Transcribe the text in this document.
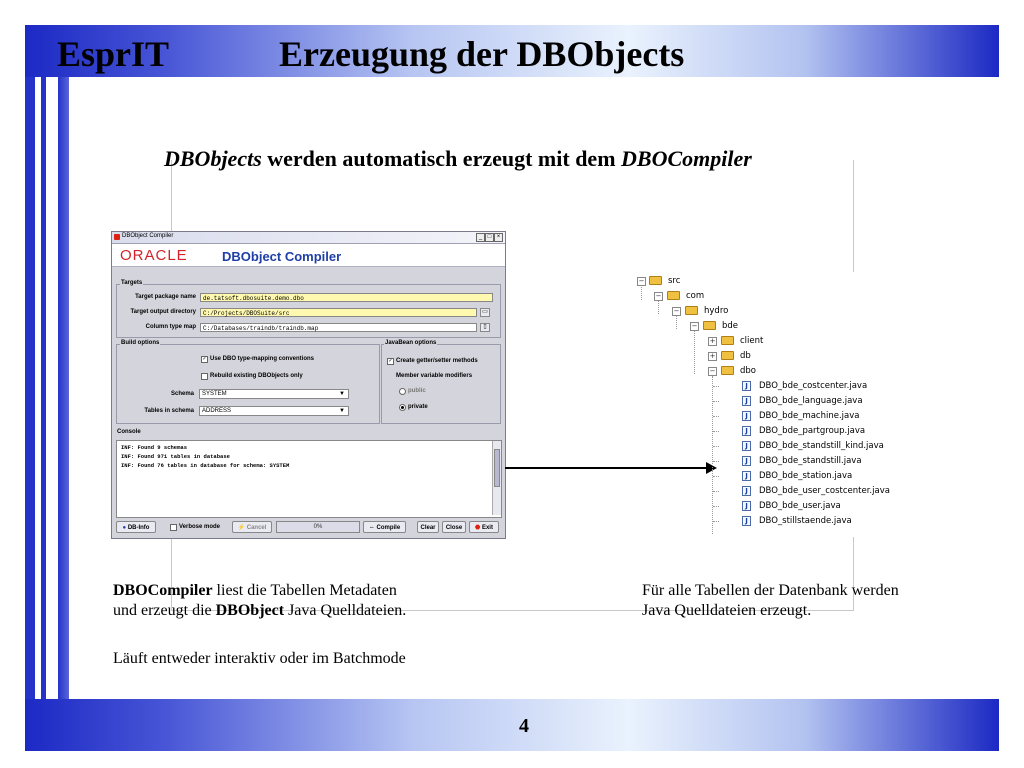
EsprIT	Erzeugung der DBObjects
DBObjects werden automatisch erzeugt mit dem DBOCompiler
DBObject Compiler	_ □ ×
ORACLE	DBObject Compiler
Targets
Target package name	de.tatsoft.dbosuite.demo.dbo
Target output directory	C:/Projects/DBOSuite/src	▭
Column type map	C:/Databases/traindb/traindb.map	▯
Build options
✓ Use DBO type-mapping conventions
Rebuild existing DBObjects only
Schema	SYSTEM	▼
Tables in schema	ADDRESS	▼
JavaBean options
✓ Create getter/setter methods
Member variable modifiers
public
private
Console
INF: Found 9 schemas
INF: Found 971 tables in database
INF: Found 76 tables in database for schema: SYSTEM
● DB-Info	Verbose mode	⚡ Cancel	0%	⇔ Compile	Clear	Close	⬣ Exit
−	src
−	com
−	hydro
−	bde
+	client
+	db
−	dbo
J	DBO_bde_costcenter.java
J	DBO_bde_language.java
J	DBO_bde_machine.java
J	DBO_bde_partgroup.java
J	DBO_bde_standstill_kind.java
J	DBO_bde_standstill.java
J	DBO_bde_station.java
J	DBO_bde_user_costcenter.java
J	DBO_bde_user.java
J	DBO_stillstaende.java
DBOCompiler liest die Tabellen Metadaten
und erzeugt die DBObject Java Quelldateien.
Läuft entweder interaktiv oder im Batchmode
Für alle Tabellen der Datenbank werden
Java Quelldateien erzeugt.
4
